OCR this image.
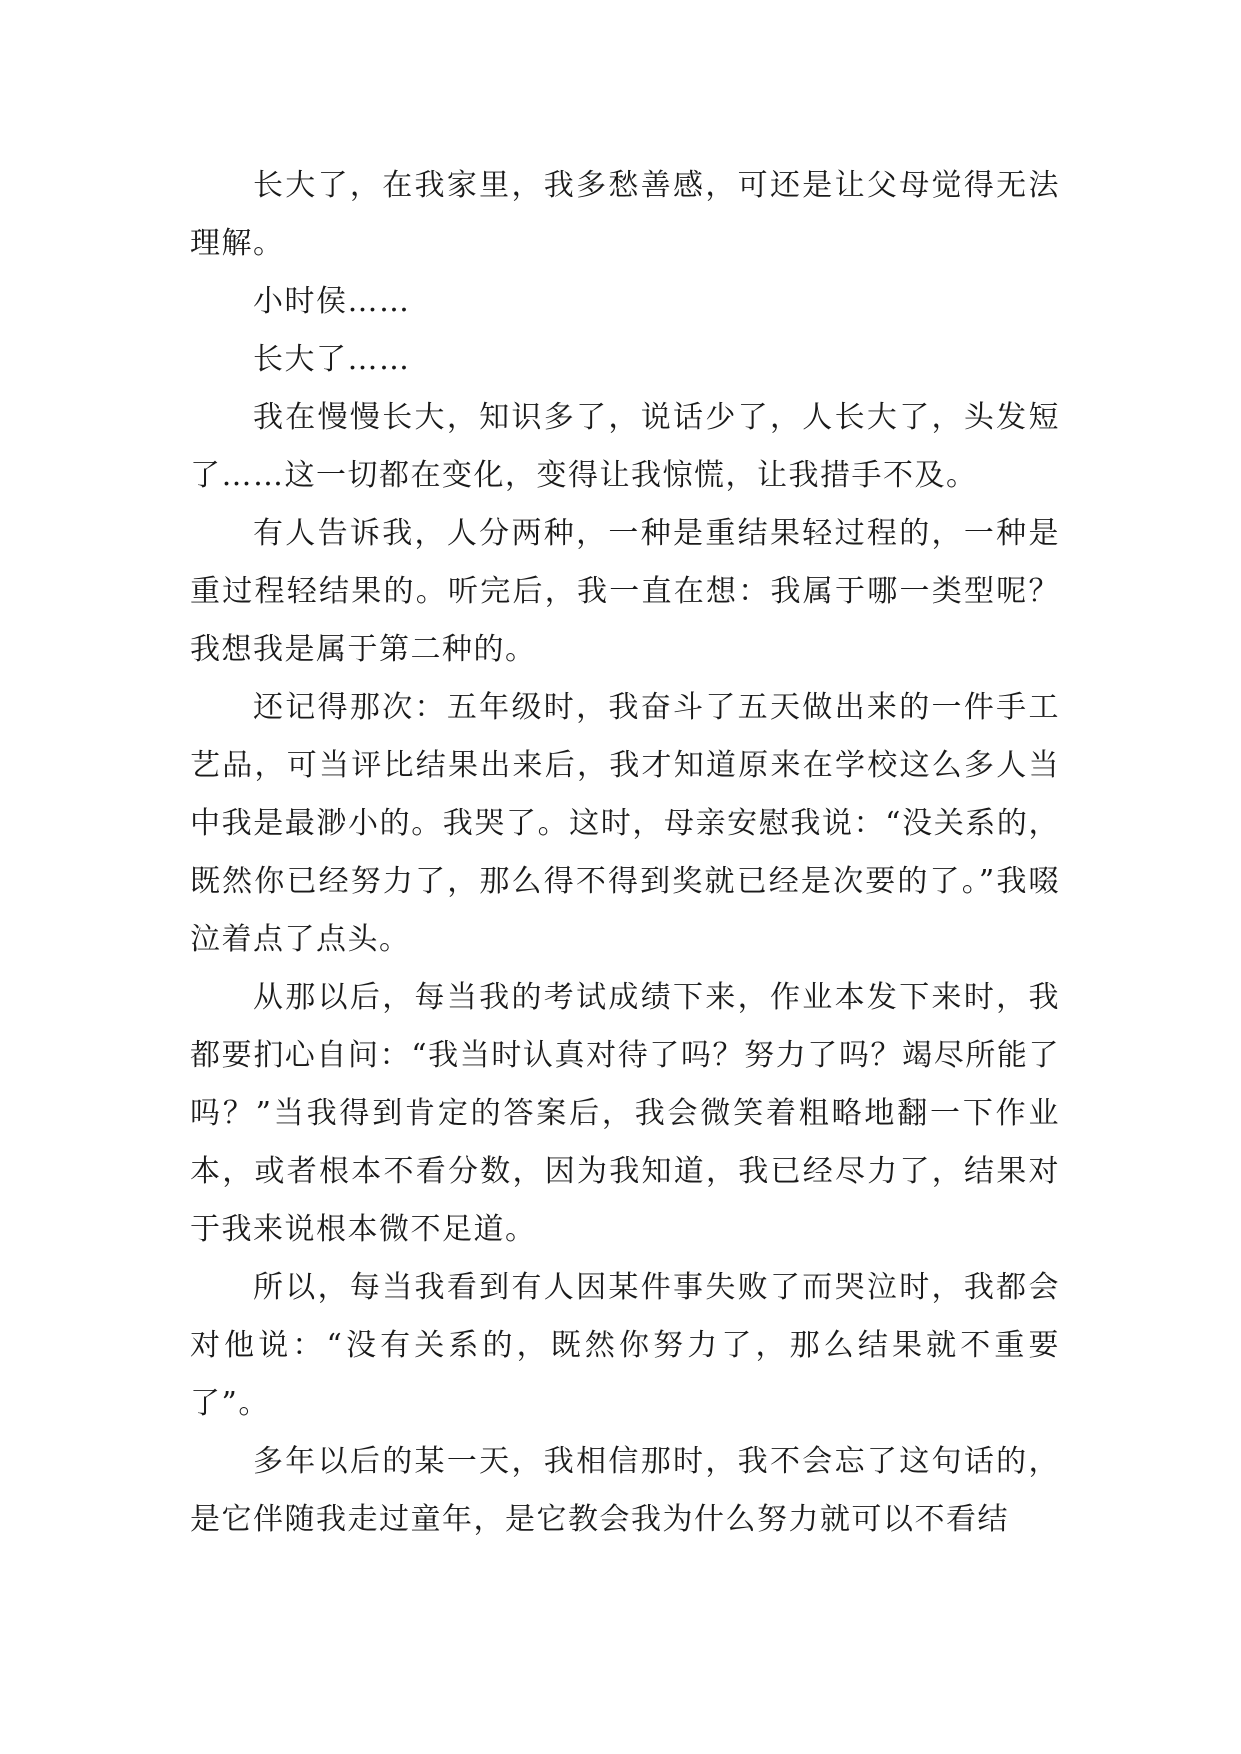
长大了，在我家里，我多愁善感，可还是让父母觉得无法理解。

小时侯……

长大了……

我在慢慢长大，知识多了，说话少了，人长大了，头发短了……这一切都在变化，变得让我惊慌，让我措手不及。

有人告诉我，人分两种，一种是重结果轻过程的，一种是重过程轻结果的。听完后，我一直在想：我属于哪一类型呢？我想我是属于第二种的。

还记得那次：五年级时，我奋斗了五天做出来的一件手工艺品，可当评比结果出来后，我才知道原来在学校这么多人当中我是最渺小的。我哭了。这时，母亲安慰我说：“没关系的，既然你已经努力了，那么得不得到奖就已经是次要的了。”我啜泣着点了点头。

从那以后，每当我的考试成绩下来，作业本发下来时，我都要扪心自问：“我当时认真对待了吗？努力了吗？竭尽所能了吗？”当我得到肯定的答案后，我会微笑着粗略地翻一下作业本，或者根本不看分数，因为我知道，我已经尽力了，结果对于我来说根本微不足道。

所以，每当我看到有人因某件事失败了而哭泣时，我都会对他说：“没有关系的，既然你努力了，那么结果就不重要了”。

多年以后的某一天，我相信那时，我不会忘了这句话的，是它伴随我走过童年，是它教会我为什么努力就可以不看结
